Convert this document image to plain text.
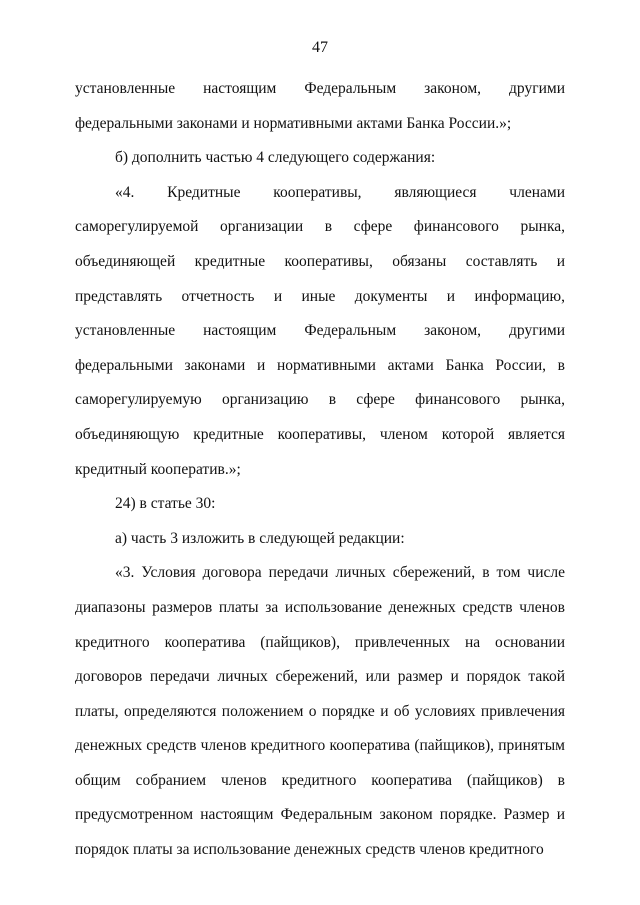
47

установленные настоящим Федеральным законом, другими федеральными законами и нормативными актами Банка России.»;

б) дополнить частью 4 следующего содержания:

«4. Кредитные кооперативы, являющиеся членами саморегулируемой организации в сфере финансового рынка, объединяющей кредитные кооперативы, обязаны составлять и представлять отчетность и иные документы и информацию, установленные настоящим Федеральным законом, другими федеральными законами и нормативными актами Банка России, в саморегулируемую организацию в сфере финансового рынка, объединяющую кредитные кооперативы, членом которой является кредитный кооператив.»;

24) в статье 30:

а) часть 3 изложить в следующей редакции:

«3. Условия договора передачи личных сбережений, в том числе диапазоны размеров платы за использование денежных средств членов кредитного кооператива (пайщиков), привлеченных на основании договоров передачи личных сбережений, или размер и порядок такой платы, определяются положением о порядке и об условиях привлечения денежных средств членов кредитного кооператива (пайщиков), принятым общим собранием членов кредитного кооператива (пайщиков) в предусмотренном настоящим Федеральным законом порядке. Размер и порядок платы за использование денежных средств членов кредитного
